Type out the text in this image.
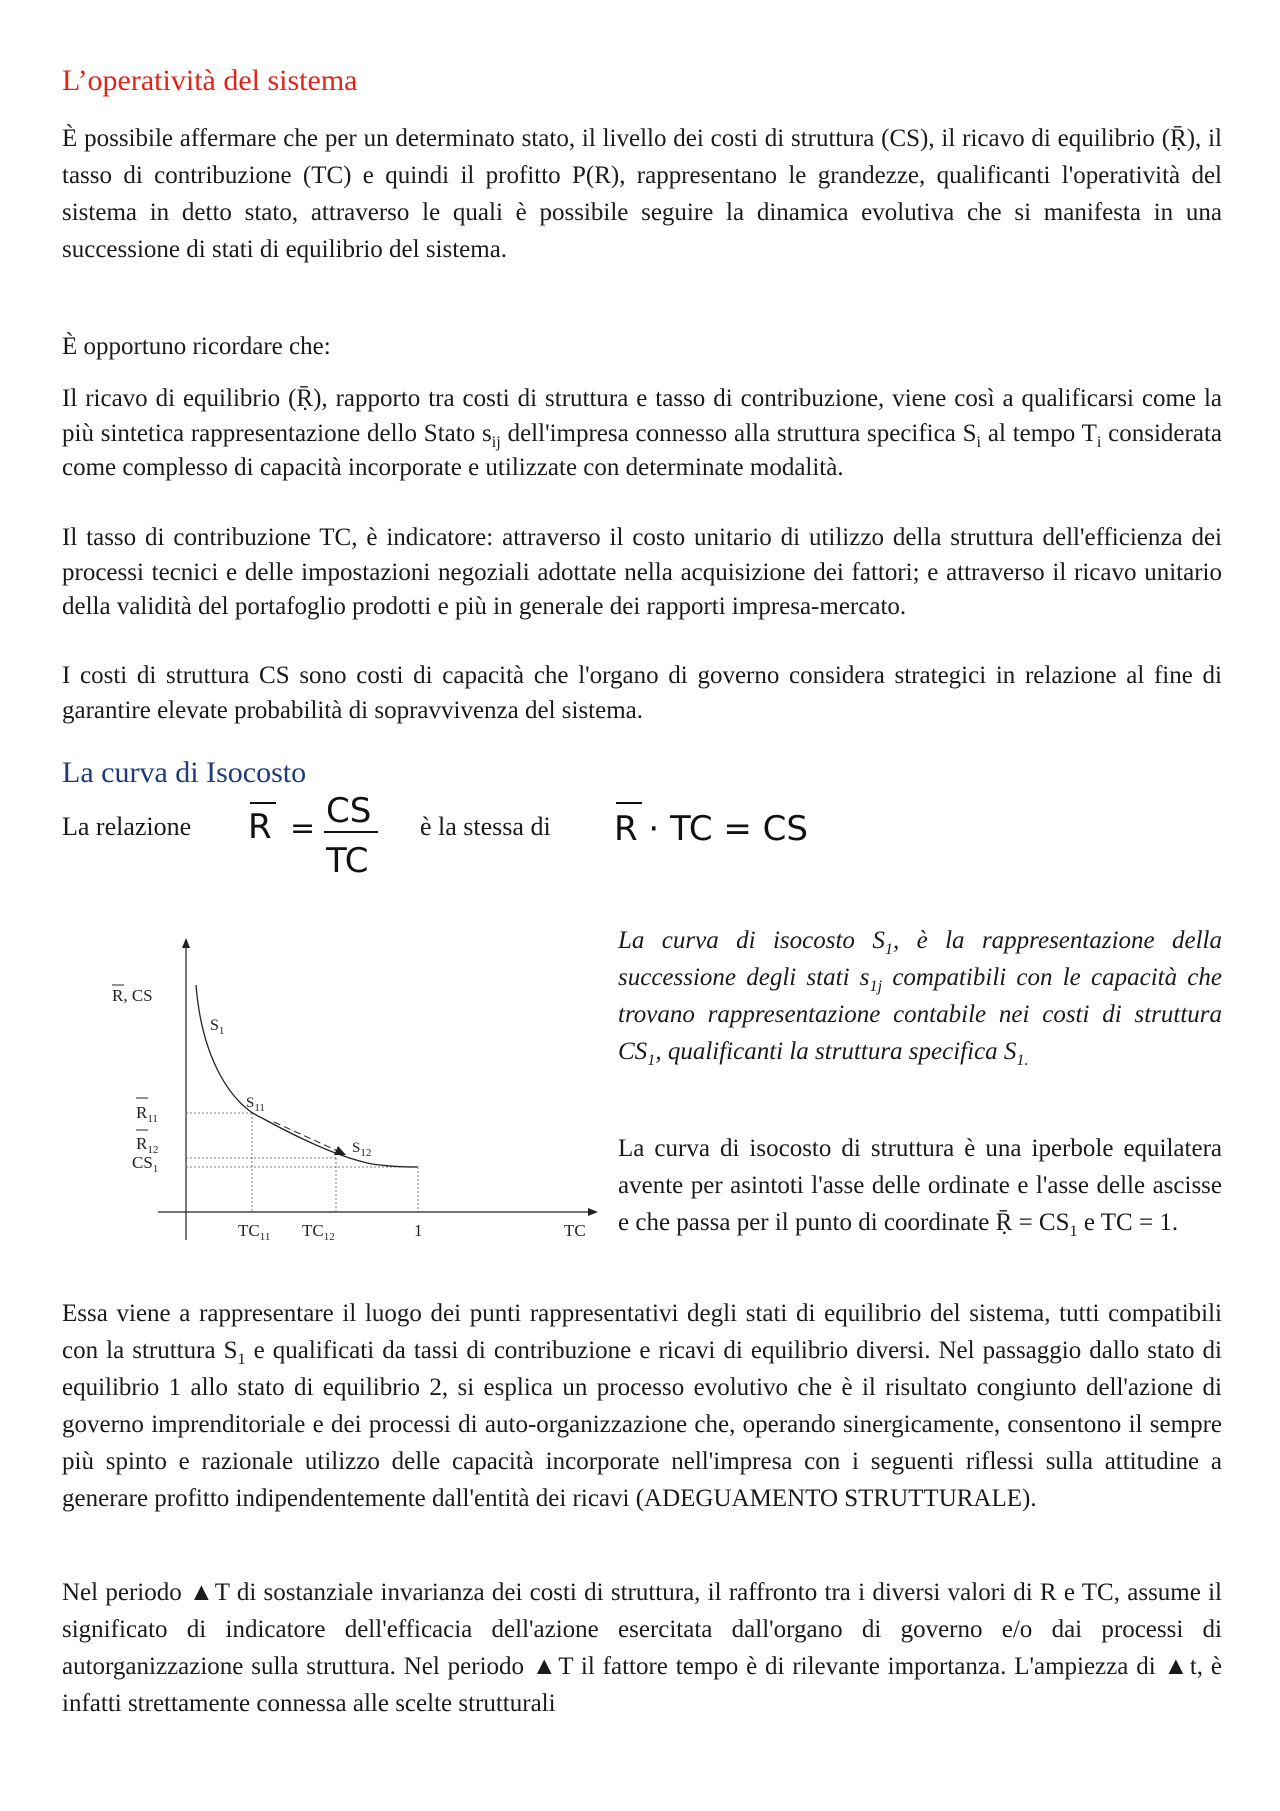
L’operatività del sistema

È possibile affermare che per un determinato stato, il livello dei costi di struttura (CS), il ricavo di equilibrio (Ṝ), il tasso di contribuzione (TC) e quindi il profitto P(R), rappresentano le grandezze, qualificanti l'operatività del sistema in detto stato, attraverso le quali è possibile seguire la dinamica evolutiva che si manifesta in una successione di stati di equilibrio del sistema.

È opportuno ricordare che:

Il ricavo di equilibrio (Ṝ), rapporto tra costi di struttura e tasso di contribuzione, viene così a qualificarsi come la più sintetica rappresentazione dello Stato $s_{ij}$ dell'impresa connesso alla struttura specifica $S_i$ al tempo $T_i$ considerata come complesso di capacità incorporate e utilizzate con determinate modalità.

Il tasso di contribuzione TC, è indicatore: attraverso il costo unitario di utilizzo della struttura dell'efficienza dei processi tecnici e delle impostazioni negoziali adottate nella acquisizione dei fattori; e attraverso il ricavo unitario della validità del portafoglio prodotti e più in generale dei rapporti impresa-mercato.

I costi di struttura CS sono costi di capacità che l'organo di governo considera strategici in relazione al fine di garantire elevate probabilità di sopravvivenza del sistema.

La curva di Isocosto
La relazione R = CS
TC
è la stessa di R · TC = CS
R, CS
$S_1$
$S_{11}$
$S_{12}$
$R_{11}$
$R_{12}$
$CS_1$
$TC_{11}$ $TC_{12}$	1	TC

La curva di isocosto $S_1$, è la rappresentazione della successione degli stati $s_{1j}$ compatibili con le capacità che trovano rappresentazione contabile nei costi di struttura $CS_1$, qualificanti la struttura specifica $S_{1.}$

La curva di isocosto di struttura è una iperbole equilatera avente per asintoti l'asse delle ordinate e l'asse delle ascisse e che passa per il punto di coordinate Ṝ = $CS_1$ e TC = 1.

Essa viene a rappresentare il luogo dei punti rappresentativi degli stati di equilibrio del sistema, tutti compatibili con la struttura $S_1$ e qualificati da tassi di contribuzione e ricavi di equilibrio diversi. Nel passaggio dallo stato di equilibrio 1 allo stato di equilibrio 2, si esplica un processo evolutivo che è il risultato congiunto dell'azione di governo imprenditoriale e dei processi di auto-organizzazione che, operando sinergicamente, consentono il sempre più spinto e razionale utilizzo delle capacità incorporate nell'impresa con i seguenti riflessi sulla attitudine a generare profitto indipendentemente dall'entità dei ricavi (ADEGUAMENTO STRUTTURALE).

Nel periodo ▲T di sostanziale invarianza dei costi di struttura, il raffronto tra i diversi valori di R e TC, assume il significato di indicatore dell'efficacia dell'azione esercitata dall'organo di governo e/o dai processi di autorganizzazione sulla struttura. Nel periodo ▲T il fattore tempo è di rilevante importanza. L'ampiezza di ▲t, è infatti strettamente connessa alle scelte strutturali
